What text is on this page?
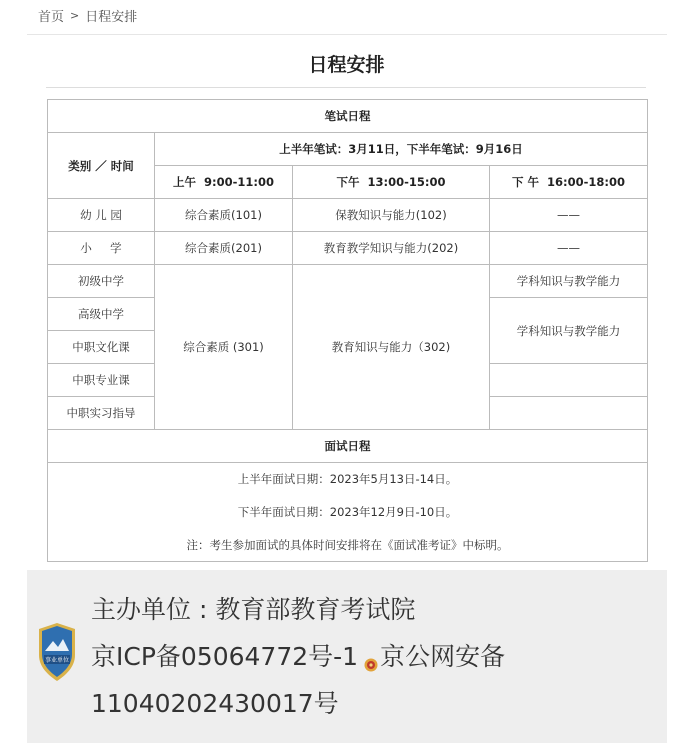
首页 > 日程安排
日程安排
笔试日程			
类别 ／ 时间	上半年笔试：3月11日，下半年笔试：9月16日		
	上午  9:00-11:00	下午  13:00-15:00	下 午  16:00-18:00
幼 儿 园	综合素质(101)	保教知识与能力(102)	——
小     学	综合素质(201)	教育教学知识与能力(202)	——
初级中学	综合素质 (301)	教育知识与能力（302)	学科知识与教学能力
高级中学			学科知识与教学能力
中职文化课			
中职专业课			
中职实习指导			
面试日程			
上半年面试日期：2023年5月13日-14日。			
下半年面试日期：2023年12月9日-10日。			
注：考生参加面试的具体时间安排将在《面试准考证》中标明。			
事业单位
主办单位 : 教育部教育考试院
京ICP备05064772号-1 京公网安备
11040202430017号
